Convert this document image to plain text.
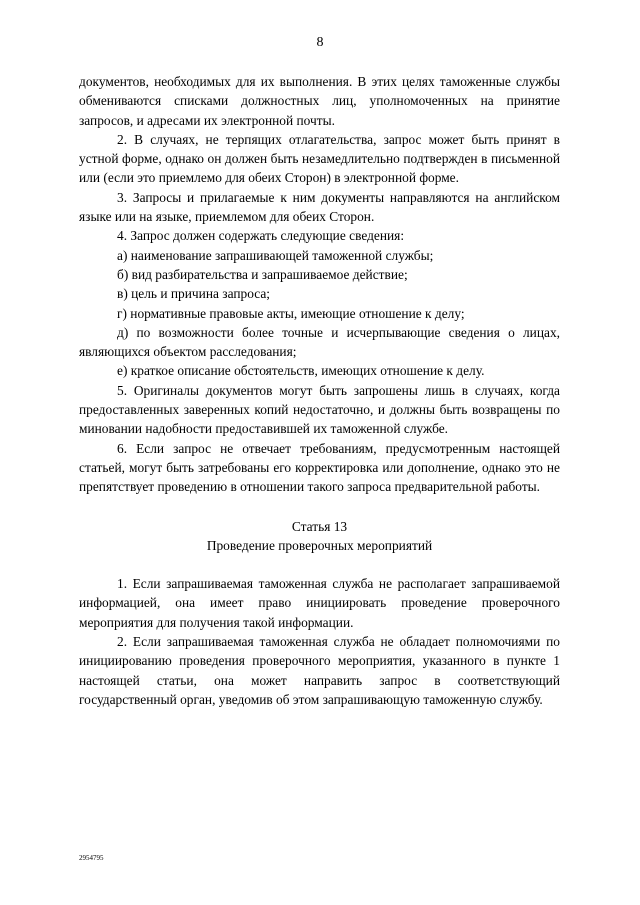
8

документов, необходимых для их выполнения. В этих целях таможенные службы обмениваются списками должностных лиц, уполномоченных на принятие запросов, и адресами их электронной почты.

2. В случаях, не терпящих отлагательства, запрос может быть принят в устной форме, однако он должен быть незамедлительно подтвержден в письменной или (если это приемлемо для обеих Сторон) в электронной форме.

3. Запросы и прилагаемые к ним документы направляются на английском языке или на языке, приемлемом для обеих Сторон.

4. Запрос должен содержать следующие сведения:

а) наименование запрашивающей таможенной службы;

б) вид разбирательства и запрашиваемое действие;

в) цель и причина запроса;

г) нормативные правовые акты, имеющие отношение к делу;

д) по возможности более точные и исчерпывающие сведения о лицах, являющихся объектом расследования;

е) краткое описание обстоятельств, имеющих отношение к делу.

5. Оригиналы документов могут быть запрошены лишь в случаях, когда предоставленных заверенных копий недостаточно, и должны быть возвращены по миновании надобности предоставившей их таможенной службе.

6. Если запрос не отвечает требованиям, предусмотренным настоящей статьей, могут быть затребованы его корректировка или дополнение, однако это не препятствует проведению в отношении такого запроса предварительной работы.

Статья 13
Проведение проверочных мероприятий

1. Если запрашиваемая таможенная служба не располагает запрашиваемой информацией, она имеет право инициировать проведение проверочного мероприятия для получения такой информации.

2. Если запрашиваемая таможенная служба не обладает полномочиями по инициированию проведения проверочного мероприятия, указанного в пункте 1 настоящей статьи, она может направить запрос в соответствующий государственный орган, уведомив об этом запрашивающую таможенную службу.

2954795
